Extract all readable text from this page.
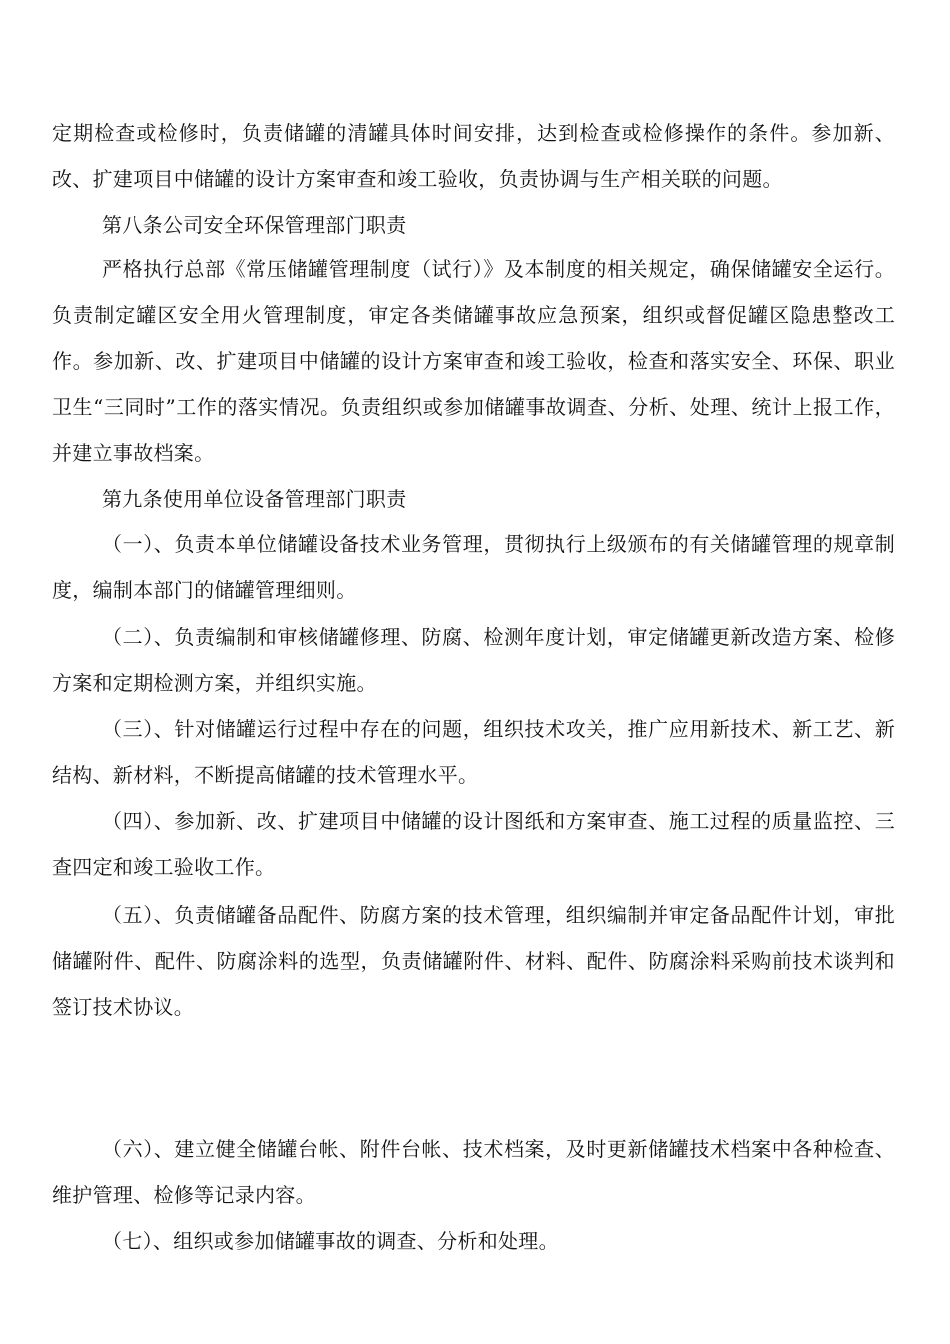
定期检查或检修时，负责储罐的清罐具体时间安排，达到检查或检修操作的条件。参加新、改、扩建项目中储罐的设计方案审查和竣工验收，负责协调与生产相关联的问题。

第八条公司安全环保管理部门职责

严格执行总部《常压储罐管理制度（试行）》及本制度的相关规定，确保储罐安全运行。负责制定罐区安全用火管理制度，审定各类储罐事故应急预案，组织或督促罐区隐患整改工作。参加新、改、扩建项目中储罐的设计方案审查和竣工验收，检查和落实安全、环保、职业卫生“三同时”工作的落实情况。负责组织或参加储罐事故调查、分析、处理、统计上报工作，并建立事故档案。

第九条使用单位设备管理部门职责

（一）、负责本单位储罐设备技术业务管理，贯彻执行上级颁布的有关储罐管理的规章制度，编制本部门的储罐管理细则。

（二）、负责编制和审核储罐修理、防腐、检测年度计划，审定储罐更新改造方案、检修方案和定期检测方案，并组织实施。

（三）、针对储罐运行过程中存在的问题，组织技术攻关，推广应用新技术、新工艺、新结构、新材料，不断提高储罐的技术管理水平。

（四）、参加新、改、扩建项目中储罐的设计图纸和方案审查、施工过程的质量监控、三查四定和竣工验收工作。

（五）、负责储罐备品配件、防腐方案的技术管理，组织编制并审定备品配件计划，审批储罐附件、配件、防腐涂料的选型，负责储罐附件、材料、配件、防腐涂料采购前技术谈判和签订技术协议。

（六）、建立健全储罐台帐、附件台帐、技术档案，及时更新储罐技术档案中各种检查、维护管理、检修等记录内容。

（七）、组织或参加储罐事故的调查、分析和处理。
